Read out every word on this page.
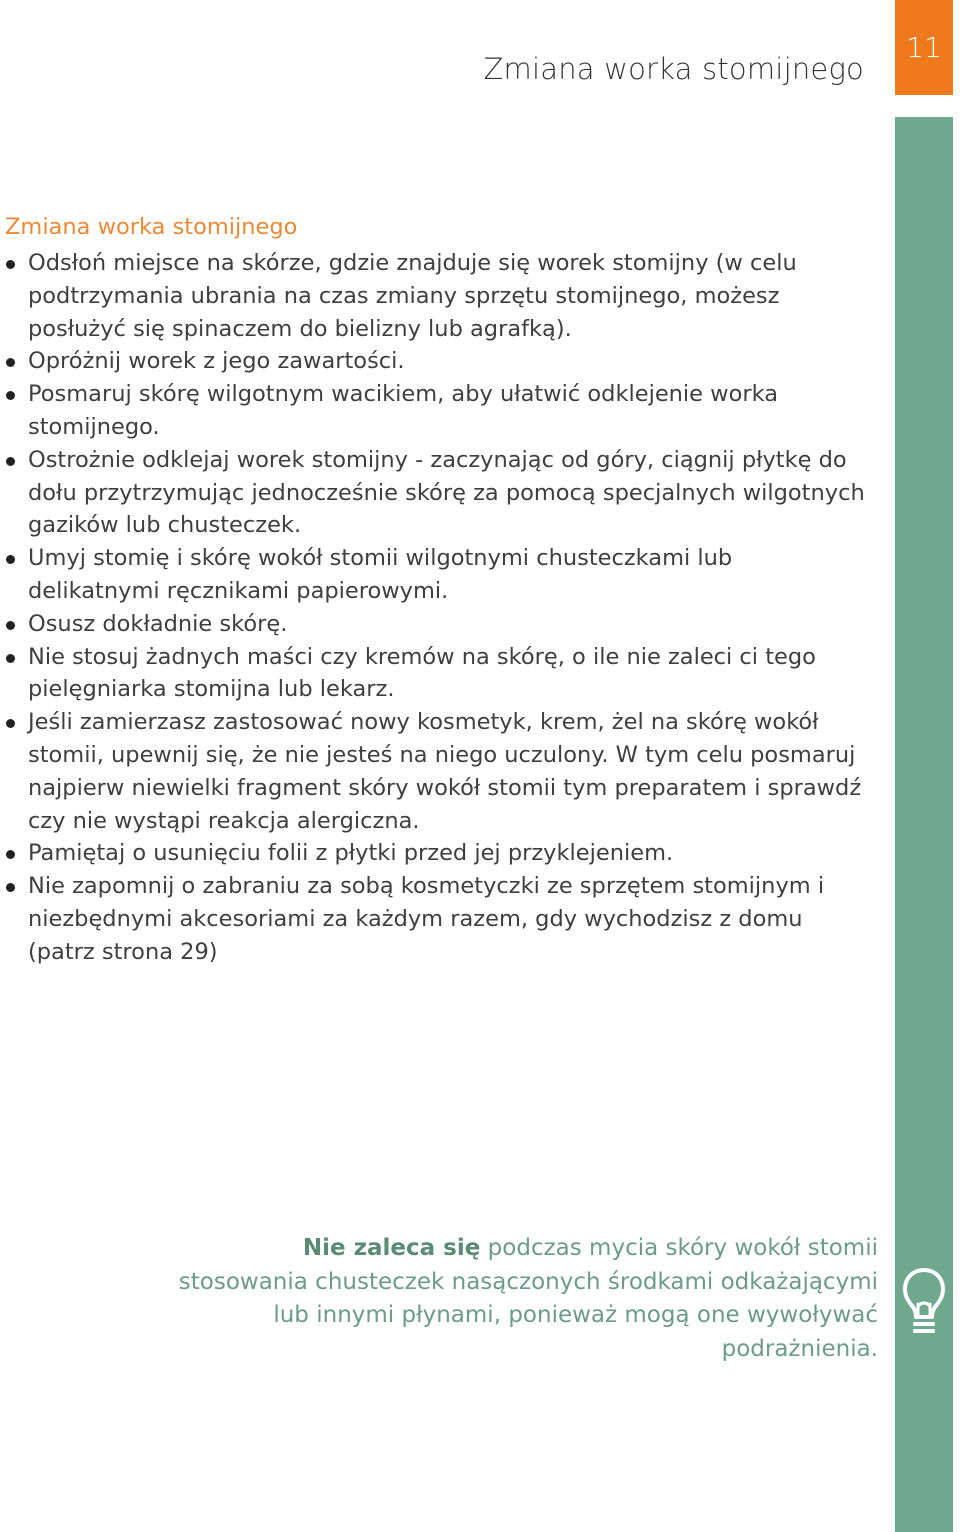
Zmiana worka stomijnego
11
Zmiana worka stomijnego
Odsłoń miejsce na skórze, gdzie znajduje się worek stomijny (w celu podtrzymania ubrania na czas zmiany sprzętu stomijnego, możesz posłużyć się spinaczem do bielizny lub agrafką).
Opróżnij worek z jego zawartości.
Posmaruj skórę wilgotnym wacikiem, aby ułatwić odklejenie worka stomijnego.
Ostrożnie odklejaj worek stomijny - zaczynając od góry, ciągnij płytkę do dołu przytrzymując jednocześnie skórę za pomocą specjalnych wilgotnych gazików lub chusteczek.
Umyj stomię i skórę wokół stomii wilgotnymi chusteczkami lub delikatnymi ręcznikami papierowymi.
Osusz dokładnie skórę.
Nie stosuj żadnych maści czy kremów na skórę, o ile nie zaleci ci tego pielęgniarka stomijna lub lekarz.
Jeśli zamierzasz zastosować nowy kosmetyk, krem, żel na skórę wokół stomii, upewnij się, że nie jesteś na niego uczulony. W tym celu posmaruj najpierw niewielki fragment skóry wokół stomii tym preparatem i sprawdź czy nie wystąpi reakcja alergiczna.
Pamiętaj o usunięciu folii z płytki przed jej przyklejeniem.
Nie zapomnij o zabraniu za sobą kosmetyczki ze sprzętem stomijnym i niezbędnymi akcesoriami za każdym razem, gdy wychodzisz z domu (patrz strona 29)

Nie zaleca się podczas mycia skóry wokół stomii stosowania chusteczek nasączonych środkami odkażającymi lub innymi płynami, ponieważ mogą one wywoływać podrażnienia.
